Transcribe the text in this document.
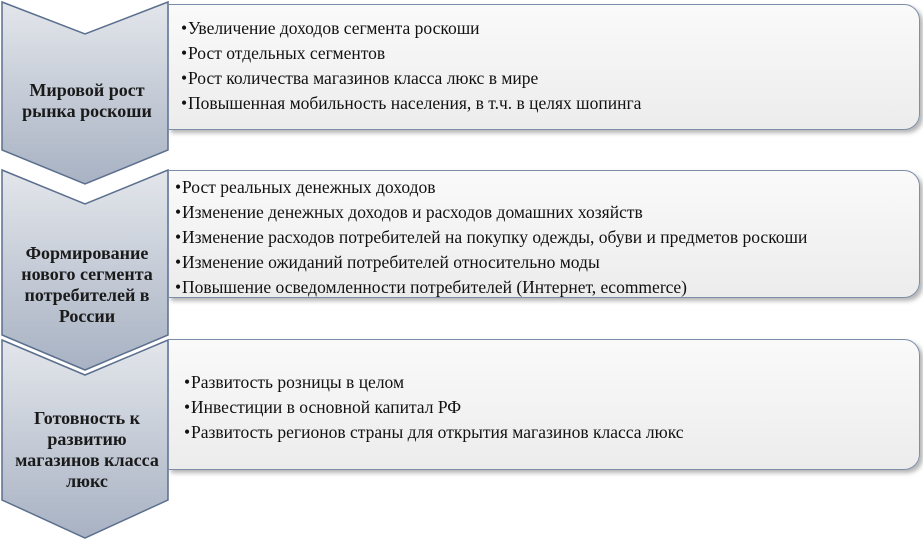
Мировой рост рынка роскоши
Формирование нового сегмента потребителей в России
Готовность к развитию магазинов класса люкс
•Увеличение доходов сегмента роскоши
•Рост отдельных сегментов
•Рост количества магазинов класса люкс в мире
•Повышенная мобильность населения, в т.ч. в целях шопинга
•Рост реальных денежных доходов
•Изменение денежных доходов и расходов домашних хозяйств
•Изменение расходов потребителей на покупку одежды, обуви и предметов роскоши
•Изменение ожиданий потребителей относительно моды
•Повышение осведомленности потребителей (Интернет, ecommerce)
•Развитость розницы в целом
•Инвестиции в основной капитал РФ
•Развитость регионов страны для открытия магазинов класса люкс
